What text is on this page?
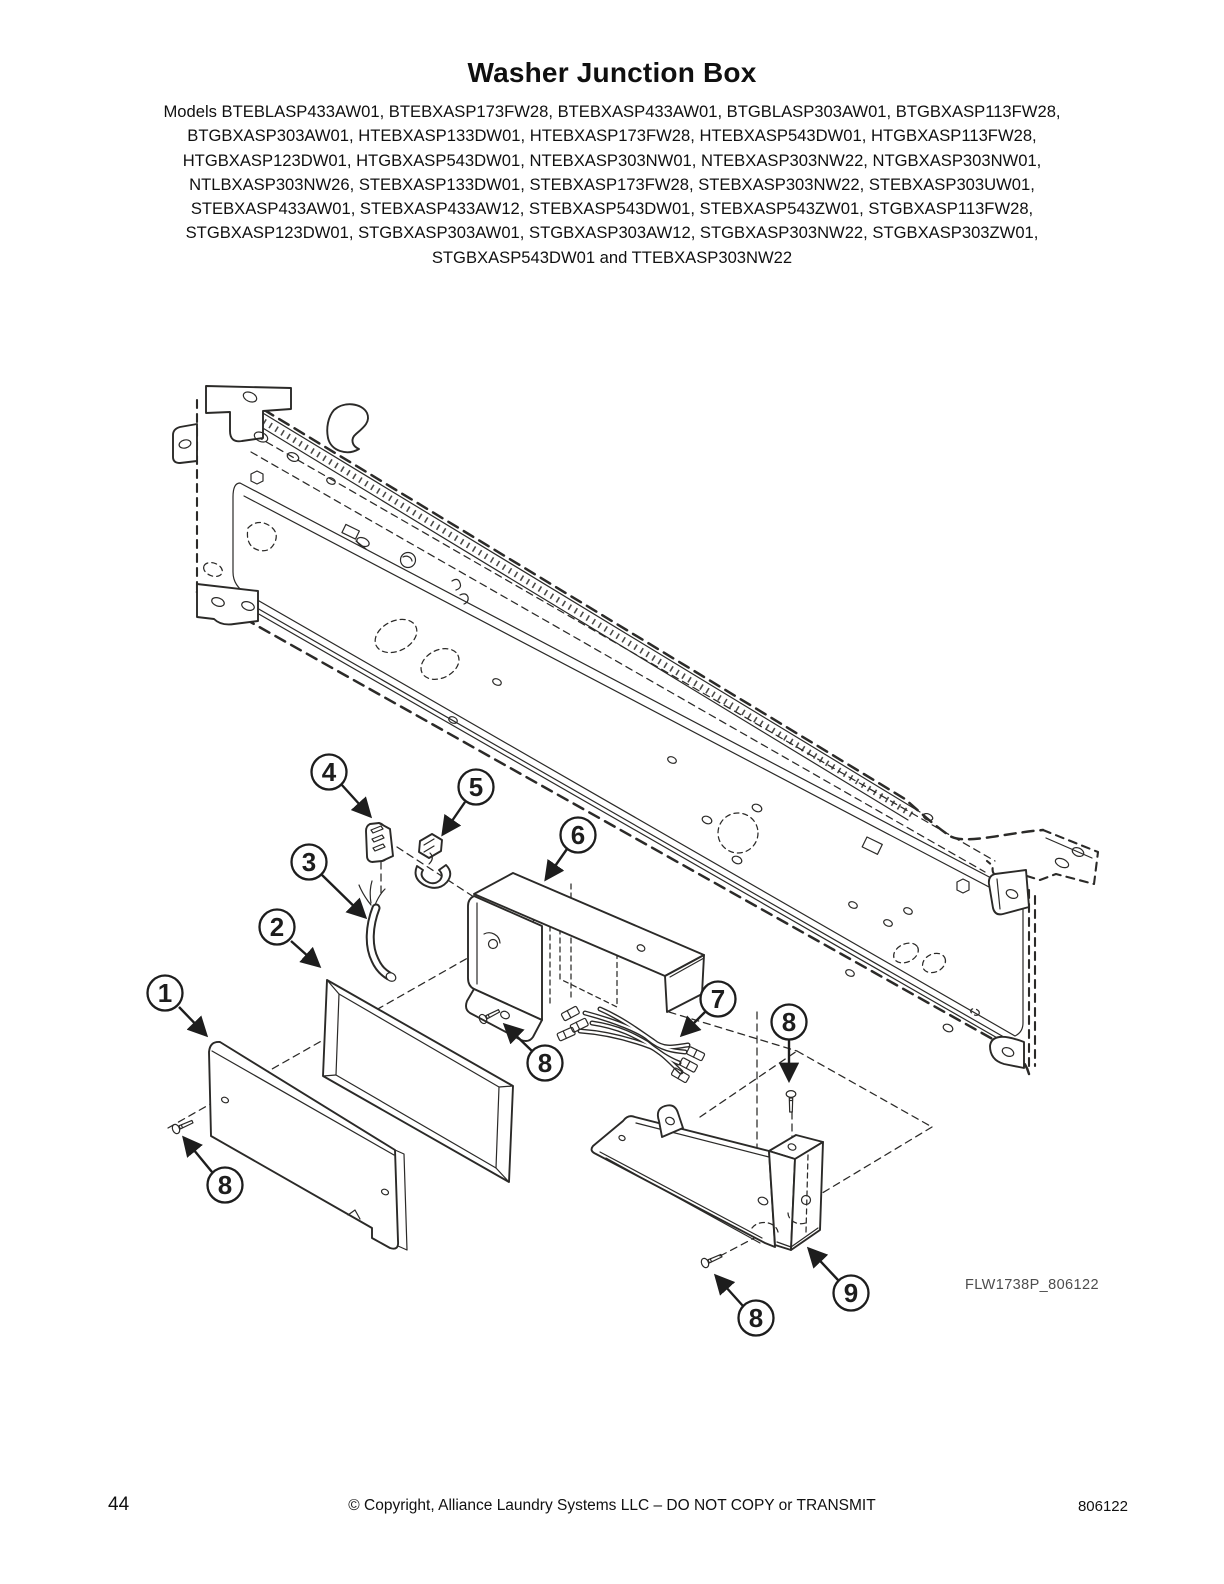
Washer Junction Box
Models BTEBLASP433AW01, BTEBXASP173FW28, BTEBXASP433AW01, BTGBLASP303AW01, BTGBXASP113FW28,
BTGBXASP303AW01, HTEBXASP133DW01, HTEBXASP173FW28, HTEBXASP543DW01, HTGBXASP113FW28,
HTGBXASP123DW01, HTGBXASP543DW01, NTEBXASP303NW01, NTEBXASP303NW22, NTGBXASP303NW01,
NTLBXASP303NW26, STEBXASP133DW01, STEBXASP173FW28, STEBXASP303NW22, STEBXASP303UW01,
STEBXASP433AW01, STEBXASP433AW12, STEBXASP543DW01, STEBXASP543ZW01, STGBXASP113FW28,
STGBXASP123DW01, STGBXASP303AW01, STGBXASP303AW12, STGBXASP303NW22, STGBXASP303ZW01,
STGBXASP543DW01 and TTEBXASP303NW22
1
2
3
4	5
6
7
8
8
8
8
9	FLW1738P_806122
44	© Copyright, Alliance Laundry Systems LLC – DO NOT COPY or TRANSMIT	806122
